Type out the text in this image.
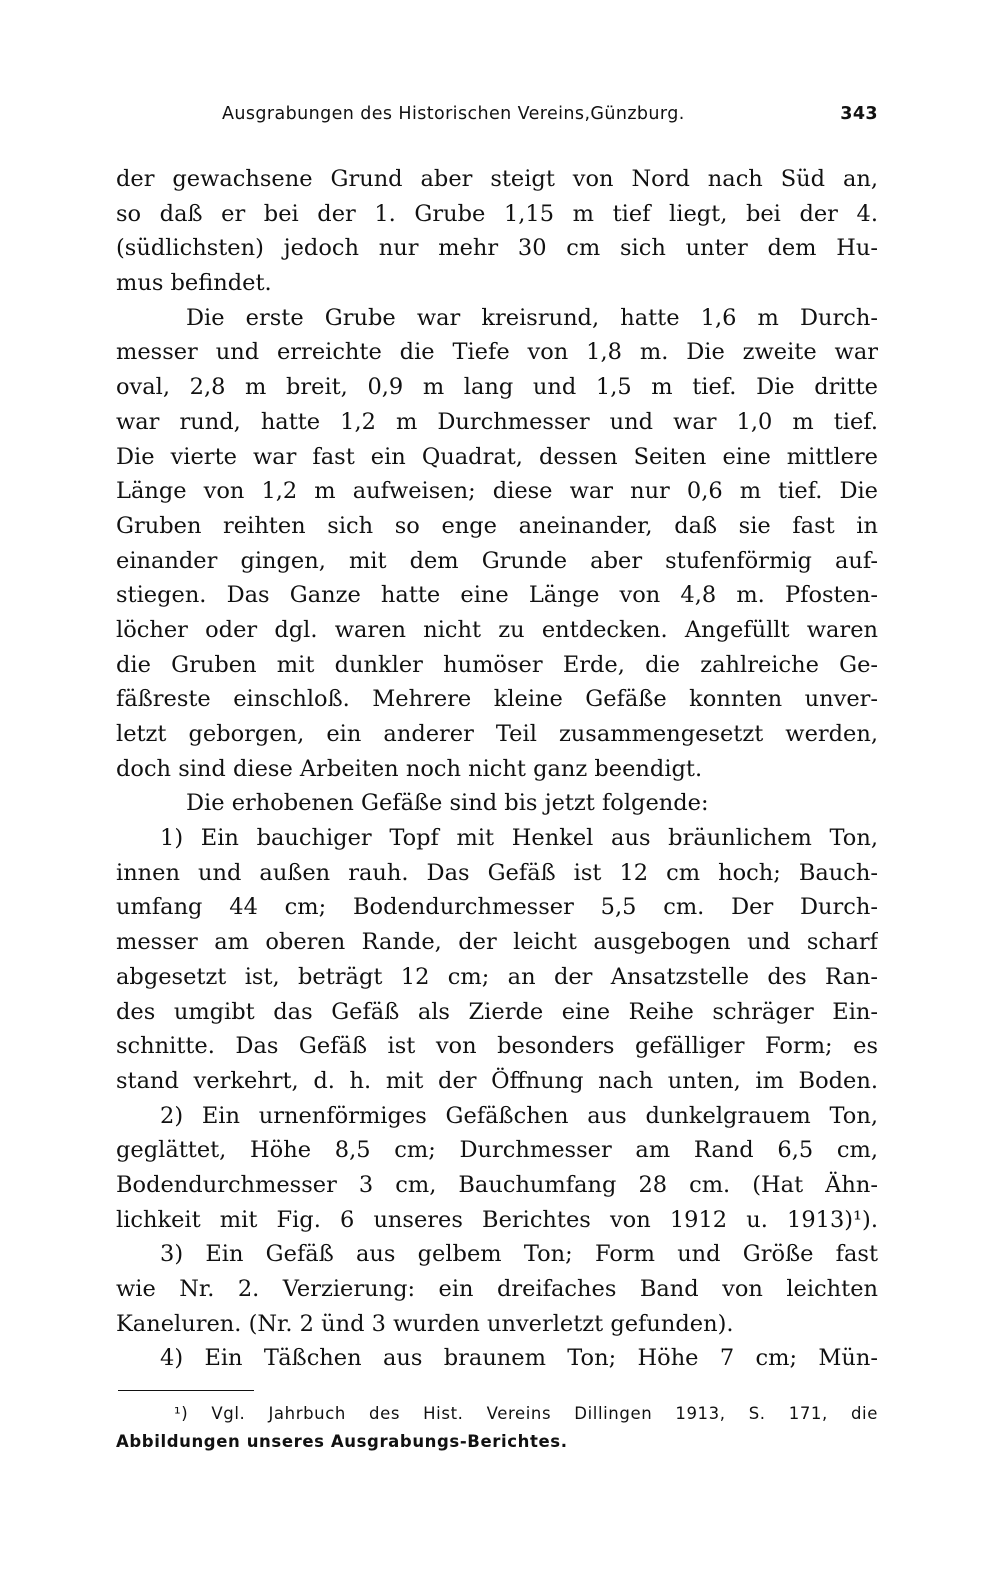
Ausgrabungen des Historischen Vereins‚Günzburg.	343
der gewachsene Grund aber steigt von Nord nach Süd an,
so daß er bei der 1. Grube 1,15 m tief liegt, bei der 4.
(südlichsten) jedoch nur mehr 30 cm sich unter dem Hu-
mus befindet.
Die erste Grube war kreisrund, hatte 1,6 m Durch-
messer und erreichte die Tiefe von 1,8 m. Die zweite war
oval, 2,8 m breit, 0,9 m lang und 1,5 m tief. Die dritte
war rund, hatte 1,2 m Durchmesser und war 1,0 m tief.
Die vierte war fast ein Quadrat, dessen Seiten eine mittlere
Länge von 1,2 m aufweisen; diese war nur 0,6 m tief. Die
Gruben reihten sich so enge aneinander, daß sie fast in
einander gingen, mit dem Grunde aber stufenförmig auf-
stiegen. Das Ganze hatte eine Länge von 4,8 m. Pfosten-
löcher oder dgl. waren nicht zu entdecken. Angefüllt waren
die Gruben mit dunkler humöser Erde, die zahlreiche Ge-
fäßreste einschloß. Mehrere kleine Gefäße konnten unver-
letzt geborgen, ein anderer Teil zusammengesetzt werden,
doch sind diese Arbeiten noch nicht ganz beendigt.
Die erhobenen Gefäße sind bis jetzt folgende:
1) Ein bauchiger Topf mit Henkel aus bräunlichem Ton,
innen und außen rauh. Das Gefäß ist 12 cm hoch; Bauch-
umfang 44 cm; Bodendurchmesser 5,5 cm. Der Durch-
messer am oberen Rande, der leicht ausgebogen und scharf
abgesetzt ist, beträgt 12 cm; an der Ansatzstelle des Ran-
des umgibt das Gefäß als Zierde eine Reihe schräger Ein-
schnitte. Das Gefäß ist von besonders gefälliger Form; es
stand verkehrt, d. h. mit der Öffnung nach unten, im Boden.
2) Ein urnenförmiges Gefäßchen aus dunkelgrauem Ton,
geglättet, Höhe 8,5 cm; Durchmesser am Rand 6,5 cm,
Bodendurchmesser 3 cm, Bauchumfang 28 cm. (Hat Ähn-
lichkeit mit Fig. 6 unseres Berichtes von 1912 u. 1913)¹).
3) Ein Gefäß aus gelbem Ton; Form und Größe fast
wie Nr. 2. Verzierung: ein dreifaches Band von leichten
Kaneluren. (Nr. 2 ünd 3 wurden unverletzt gefunden).
4) Ein Täßchen aus braunem Ton; Höhe 7 cm; Mün-
¹) Vgl. Jahrbuch des Hist. Vereins Dillingen 1913, S. 171, die
Abbildungen unseres Ausgrabungs-Berichtes.
